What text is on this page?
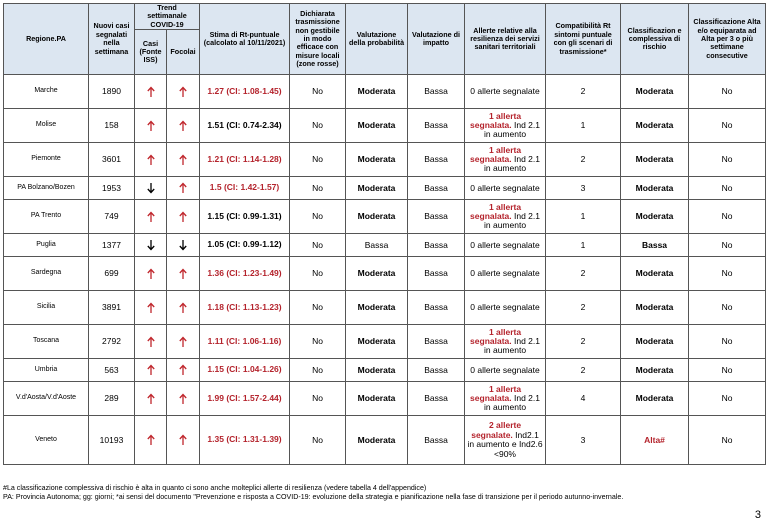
Regione.PA	Nuovi casi segnalati nella settimana	Trend settimanale COVID-19		Stima di Rt-puntuale (calcolato al 10/11/2021)	Dichiarata trasmissione non gestibile in modo efficace con misure locali (zone rosse)	Valutazione della probabilità	Valutazione di impatto	Allerte relative alla resilienza dei servizi sanitari territoriali	Compatibilità Rt sintomi puntuale con gli scenari di trasmissione*	Classificazion e complessiva di rischio	Classificazione Alta e/o equiparata ad Alta per 3 o più settimane consecutive
		Casi (Fonte ISS)	Focolai								
Marche	1890			1.27 (CI: 1.08-1.45)	No	Moderata	Bassa	0 allerte segnalate	2	Moderata	No
Molise	158			1.51 (CI: 0.74-2.34)	No	Moderata	Bassa	1 allerta segnalata. Ind 2.1 in aumento	1	Moderata	No
Piemonte	3601			1.21 (CI: 1.14-1.28)	No	Moderata	Bassa	1 allerta segnalata. Ind 2.1 in aumento	2	Moderata	No
PA Bolzano/Bozen	1953			1.5 (CI: 1.42-1.57)	No	Moderata	Bassa	0 allerte segnalate	3	Moderata	No
PA Trento	749			1.15 (CI: 0.99-1.31)	No	Moderata	Bassa	1 allerta segnalata. Ind 2.1 in aumento	1	Moderata	No
Puglia	1377			1.05 (CI: 0.99-1.12)	No	Bassa	Bassa	0 allerte segnalate	1	Bassa	No
Sardegna	699			1.36 (CI: 1.23-1.49)	No	Moderata	Bassa	0 allerte segnalate	2	Moderata	No
Sicilia	3891			1.18 (CI: 1.13-1.23)	No	Moderata	Bassa	0 allerte segnalate	2	Moderata	No
Toscana	2792			1.11 (CI: 1.06-1.16)	No	Moderata	Bassa	1 allerta segnalata. Ind 2.1 in aumento	2	Moderata	No
Umbria	563			1.15 (CI: 1.04-1.26)	No	Moderata	Bassa	0 allerte segnalate	2	Moderata	No
V.d'Aosta/V.d'Aoste	289			1.99 (CI: 1.57-2.44)	No	Moderata	Bassa	1 allerta segnalata. Ind 2.1 in aumento	4	Moderata	No
Veneto	10193			1.35 (CI: 1.31-1.39)	No	Moderata	Bassa	2 allerte segnalate. Ind2.1 in aumento e Ind2.6 <90%	3	Alta#	No
#La classificazione complessiva di rischio è alta in quanto ci sono anche molteplici allerte di resilienza (vedere tabella 4 dell'appendice)
PA: Provincia Autonoma; gg: giorni; *ai sensi del documento "Prevenzione e risposta a COVID-19: evoluzione della strategia e pianificazione nella fase di transizione per il periodo autunno-invernale.
3
